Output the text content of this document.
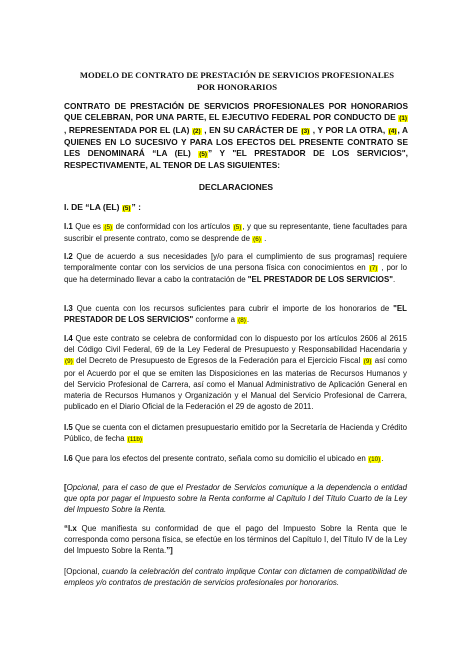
MODELO DE CONTRATO DE PRESTACIÓN DE SERVICIOS PROFESIONALES
POR HONORARIOS
CONTRATO DE PRESTACIÓN DE SERVICIOS PROFESIONALES POR HONORARIOS QUE CELEBRAN, POR UNA PARTE, EL EJECUTIVO FEDERAL POR CONDUCTO DE (1) , REPRESENTADA POR EL (LA) (2) , EN SU CARÁCTER DE (3) , Y POR LA OTRA, (4), A QUIENES EN LO SUCESIVO Y PARA LOS EFECTOS DEL PRESENTE CONTRATO SE LES DENOMINARÁ “LA (EL) (5)” Y "EL PRESTADOR DE LOS SERVICIOS", RESPECTIVAMENTE, AL TENOR DE LAS SIGUIENTES:
DECLARACIONES
I. DE “LA (EL) (5)” :
I.1 Que es (5) de conformidad con los artículos (5), y que su representante, tiene facultades para suscribir el presente contrato, como se desprende de (6) .
I.2 Que de acuerdo a sus necesidades [y/o para el cumplimiento de sus programas] requiere temporalmente contar con los servicios de una persona física con conocimientos en (7) , por lo que ha determinado llevar a cabo la contratación de "EL PRESTADOR DE LOS SERVICIOS".
I.3 Que cuenta con los recursos suficientes para cubrir el importe de los honorarios de "EL PRESTADOR DE LOS SERVICIOS" conforme a (8).
I.4 Que este contrato se celebra de conformidad con lo dispuesto por los artículos 2606 al 2615 del Código Civil Federal, 69 de la Ley Federal de Presupuesto y Responsabilidad Hacendaria y (9) del Decreto de Presupuesto de Egresos de la Federación para el Ejercicio Fiscal (9) así como por el Acuerdo por el que se emiten las Disposiciones en las materias de Recursos Humanos y del Servicio Profesional de Carrera, así como el Manual Administrativo de Aplicación General en materia de Recursos Humanos y Organización y el Manual del Servicio Profesional de Carrera, publicado en el Diario Oficial de la Federación el 29 de agosto de 2011.
I.5 Que se cuenta con el dictamen presupuestario emitido por la Secretaría de Hacienda y Crédito Público, de fecha (11b)
I.6 Que para los efectos del presente contrato, señala como su domicilio el ubicado en (10).
[Opcional, para el caso de que el Prestador de Servicios comunique a la dependencia o entidad que opta por pagar el Impuesto sobre la Renta conforme al Capítulo I del Título Cuarto de la Ley del Impuesto Sobre la Renta.
“I.x Que manifiesta su conformidad de que el pago del Impuesto Sobre la Renta que le corresponda como persona física, se efectúe en los términos del Capítulo I, del Título IV de la Ley del Impuesto Sobre la Renta.”]
[Opcional, cuando la celebración del contrato implique Contar con dictamen de compatibilidad de empleos y/o contratos de prestación de servicios profesionales por honorarios.
